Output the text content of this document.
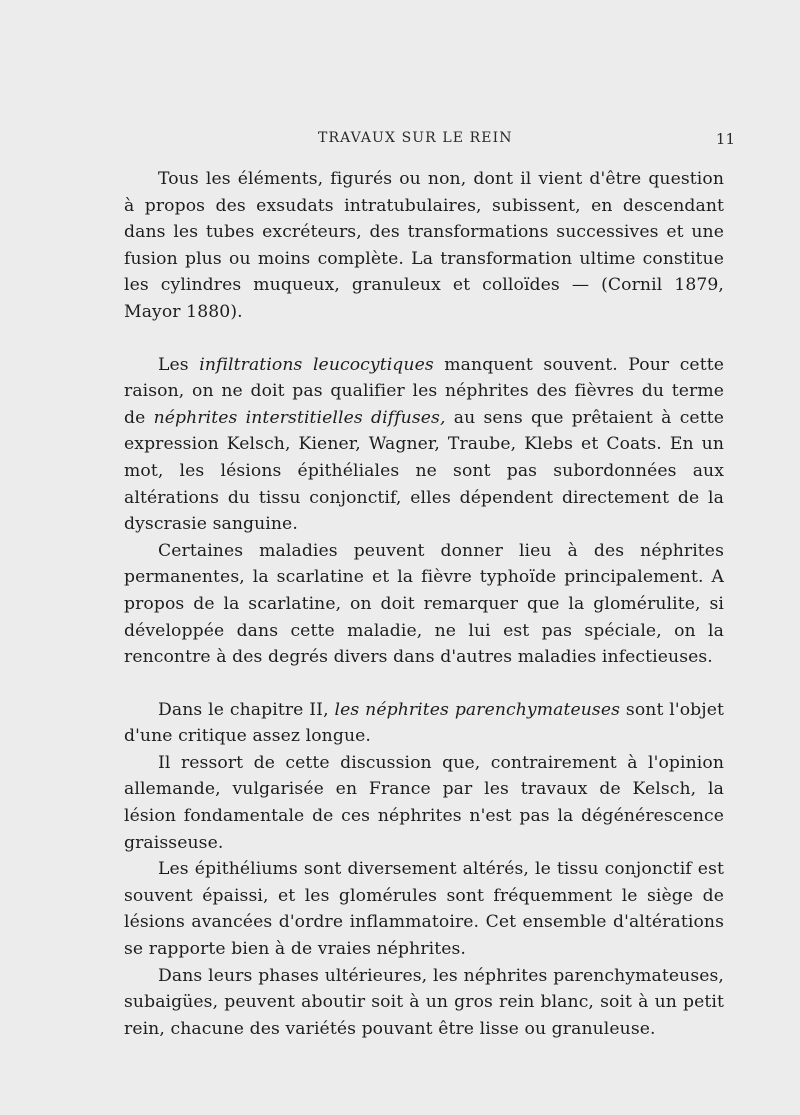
TRAVAUX SUR LE REIN	11

Tous les éléments, figurés ou non, dont il vient d'être question à propos des exsudats intratubulaires, subissent, en descendant dans les tubes excréteurs, des transformations successives et une fusion plus ou moins complète. La transformation ultime constitue les cylindres muqueux, granuleux et colloïdes — (Cornil 1879, Mayor 1880).

Les infiltrations leucocytiques manquent souvent. Pour cette raison, on ne doit pas qualifier les néphrites des fièvres du terme de néphrites interstitielles diffuses, au sens que prêtaient à cette expression Kelsch, Kiener, Wagner, Traube, Klebs et Coats. En un mot, les lésions épithéliales ne sont pas subordonnées aux altérations du tissu conjonctif, elles dépendent directement de la dyscrasie sanguine.

Certaines maladies peuvent donner lieu à des néphrites permanentes, la scarlatine et la fièvre typhoïde principalement. A propos de la scarlatine, on doit remarquer que la glomérulite, si développée dans cette maladie, ne lui est pas spéciale, on la rencontre à des degrés divers dans d'autres maladies infectieuses.

Dans le chapitre II, les néphrites parenchymateuses sont l'objet d'une critique assez longue.

Il ressort de cette discussion que, contrairement à l'opinion allemande, vulgarisée en France par les travaux de Kelsch, la lésion fondamentale de ces néphrites n'est pas la dégénérescence graisseuse.

Les épithéliums sont diversement altérés, le tissu conjonctif est souvent épaissi, et les glomérules sont fréquemment le siège de lésions avancées d'ordre inflammatoire. Cet ensemble d'altérations se rapporte bien à de vraies néphrites.

Dans leurs phases ultérieures, les néphrites parenchymateuses, subaigües, peuvent aboutir soit à un gros rein blanc, soit à un petit rein, chacune des variétés pouvant être lisse ou granuleuse.
